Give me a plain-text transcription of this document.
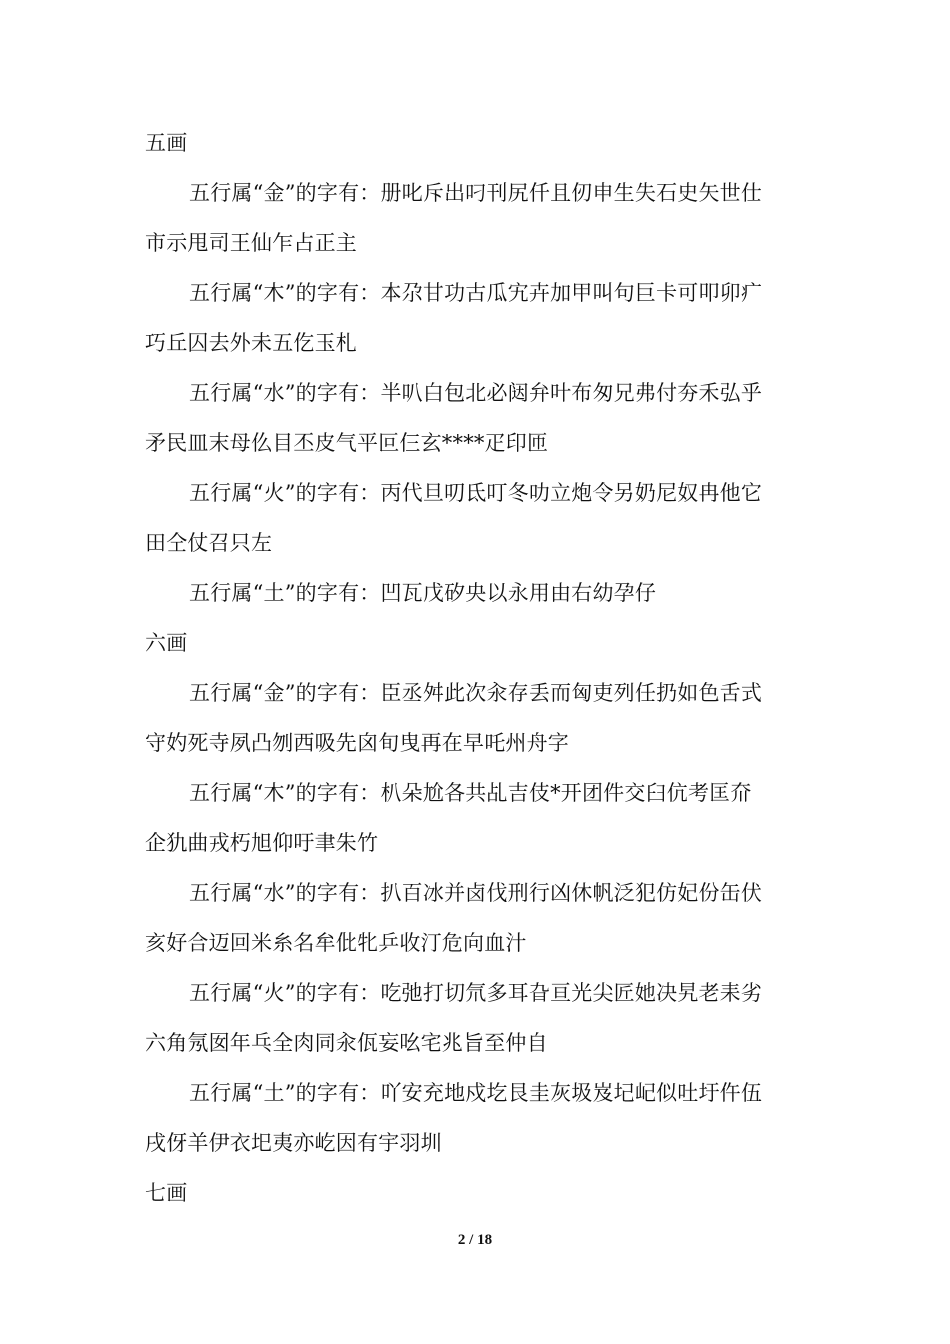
五画
五行属“金”的字有：册叱斥出叼刊尻仟且仞申生失石史矢世仕
市示甩司王仙乍占正主
五行属“木”的字有：本尕甘功古瓜宄卉加甲叫句巨卡可叩卯疒
巧丘囚去外未五仡玉札
五行属“水”的字有：半叭白包北必闼弁叶布匆兄弗付夯禾弘乎
矛民皿末母仫目丕皮气平叵仨玄****疋印匝
五行属“火”的字有：丙代旦叨氐叮冬叻立炮令另奶尼奴冉他它
田仝仗召只左
五行属“土”的字有：凹瓦戊矽央以永用由右幼孕仔
六画
五行属“金”的字有：臣丞舛此次汆存丢而匈吏列任扔如色舌式
守妁死寺夙凸刎西吸先囟旬曳再在早吒州舟字
五行属“木”的字有：朳朵尬各共乩吉伎*开团件交臼伉考匡夼
企犰曲戎朽旭仰吁聿朱竹
五行属“水”的字有：扒百冰并卤伐刑行凶休帆泛犯仿妃份缶伏
亥好合迈回米糸名牟仳牝乒收汀危向血汁
五行属“火”的字有：吃弛打切氘多耳旮亘光尖匠她决旯老耒劣
六角氖囡年乓全肉同汆佤妄吆宅兆旨至仲自
五行属“土”的字有：吖安充地戍圪艮圭灰圾岌圮屺似吐圩仵伍
戌伢羊伊衣圯夷亦屹因有宇羽圳
七画
2 / 18
